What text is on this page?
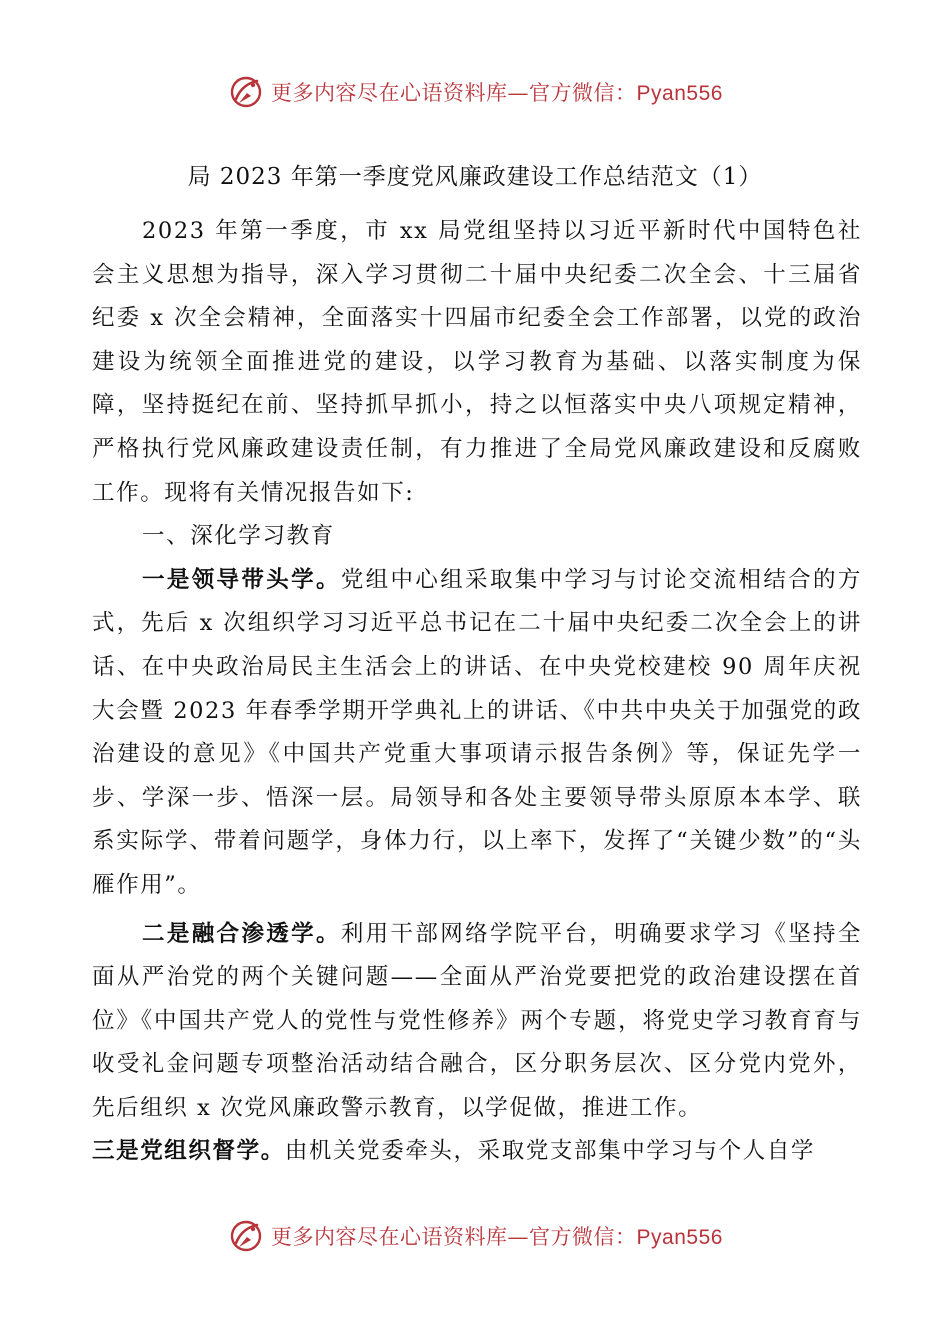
更多内容尽在心语资料库—官方微信：Pyan556
局 2023 年第一季度党风廉政建设工作总结范文（1）

2023 年第一季度，市 xx 局党组坚持以习近平新时代中国特色社会主义思想为指导，深入学习贯彻二十届中央纪委二次全会、十三届省纪委 x 次全会精神，全面落实十四届市纪委全会工作部署，以党的政治建设为统领全面推进党的建设，以学习教育为基础、以落实制度为保障，坚持挺纪在前、坚持抓早抓小，持之以恒落实中央八项规定精神，严格执行党风廉政建设责任制，有力推进了全局党风廉政建设和反腐败工作。现将有关情况报告如下:

一、深化学习教育

一是领导带头学。党组中心组采取集中学习与讨论交流相结合的方式，先后 x 次组织学习习近平总书记在二十届中央纪委二次全会上的讲话、在中央政治局民主生活会上的讲话、在中央党校建校 90 周年庆祝大会暨 2023 年春季学期开学典礼上的讲话、《中共中央关于加强党的政治建设的意见》《中国共产党重大事项请示报告条例》等，保证先学一步、学深一步、悟深一层。局领导和各处主要领导带头原原本本学、联系实际学、带着问题学，身体力行，以上率下，发挥了“关键少数”的“头雁作用”。

二是融合渗透学。利用干部网络学院平台，明确要求学习《坚持全面从严治党的两个关键问题——全面从严治党要把党的政治建设摆在首位》《中国共产党人的党性与党性修养》两个专题，将党史学习教育育与收受礼金问题专项整治活动结合融合，区分职务层次、区分党内党外，先后组织 x 次党风廉政警示教育，以学促做，推进工作。

三是党组织督学。由机关党委牵头，采取党支部集中学习与个人自学

更多内容尽在心语资料库—官方微信：Pyan556
